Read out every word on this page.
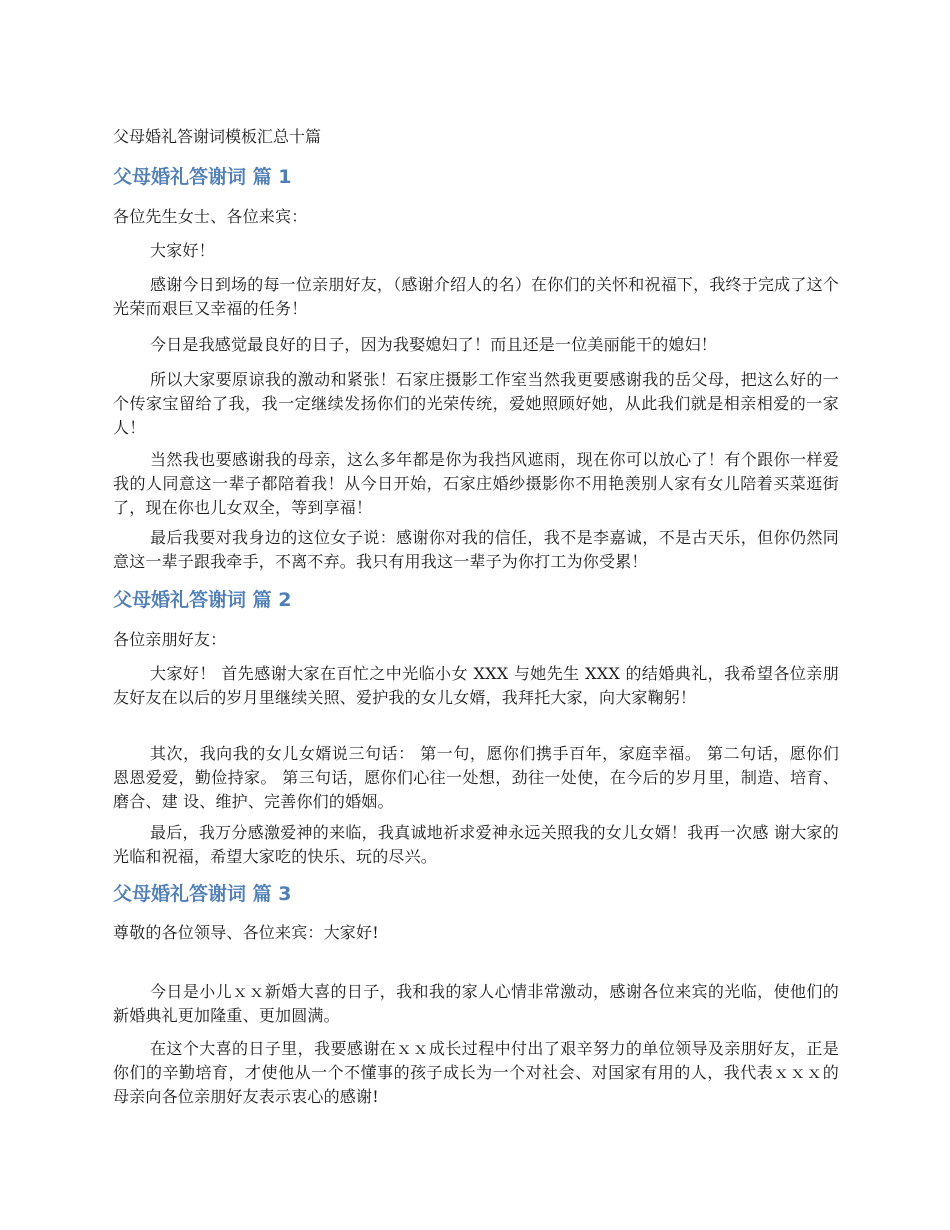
父母婚礼答谢词模板汇总十篇
父母婚礼答谢词 篇 1
各位先生女士、各位来宾：
大家好！
感谢今日到场的每一位亲朋好友，（感谢介绍人的名）在你们的关怀和祝福下，我终于完成了这个光荣而艰巨又幸福的任务！
今日是我感觉最良好的日子，因为我娶媳妇了！而且还是一位美丽能干的媳妇！
所以大家要原谅我的激动和紧张！石家庄摄影工作室当然我更要感谢我的岳父母，把这么好的一个传家宝留给了我，我一定继续发扬你们的光荣传统，爱她照顾好她，从此我们就是相亲相爱的一家人！
当然我也要感谢我的母亲，这么多年都是你为我挡风遮雨，现在你可以放心了！有个跟你一样爱我的人同意这一辈子都陪着我！从今日开始，石家庄婚纱摄影你不用艳羡别人家有女儿陪着买菜逛街了，现在你也儿女双全，等到享福！
最后我要对我身边的这位女子说：感谢你对我的信任，我不是李嘉诚，不是古天乐，但你仍然同意这一辈子跟我牵手，不离不弃。我只有用我这一辈子为你打工为你受累！
父母婚礼答谢词 篇 2
各位亲朋好友：
大家好！ 首先感谢大家在百忙之中光临小女 XXX 与她先生 XXX 的结婚典礼，我希望各位亲朋 友好友在以后的岁月里继续关照、爱护我的女儿女婿，我拜托大家，向大家鞠躬！
其次，我向我的女儿女婿说三句话： 第一句，愿你们携手百年，家庭幸福。 第二句话，愿你们恩恩爱爱，勤俭持家。 第三句话，愿你们心往一处想，劲往一处使，在今后的岁月里，制造、培育、磨合、建 设、维护、完善你们的婚姻。
最后，我万分感激爱神的来临，我真诚地祈求爱神永远关照我的女儿女婿！我再一次感 谢大家的光临和祝福，希望大家吃的快乐、玩的尽兴。
父母婚礼答谢词 篇 3
尊敬的各位领导、各位来宾：大家好!
今日是小儿ｘｘ新婚大喜的日子，我和我的家人心情非常激动，感谢各位来宾的光临，使他们的新婚典礼更加隆重、更加圆满。
在这个大喜的日子里，我要感谢在ｘｘ成长过程中付出了艰辛努力的单位领导及亲朋好友，正是你们的辛勤培育，才使他从一个不懂事的孩子成长为一个对社会、对国家有用的人，我代表ｘｘｘ的母亲向各位亲朋好友表示衷心的感谢!
